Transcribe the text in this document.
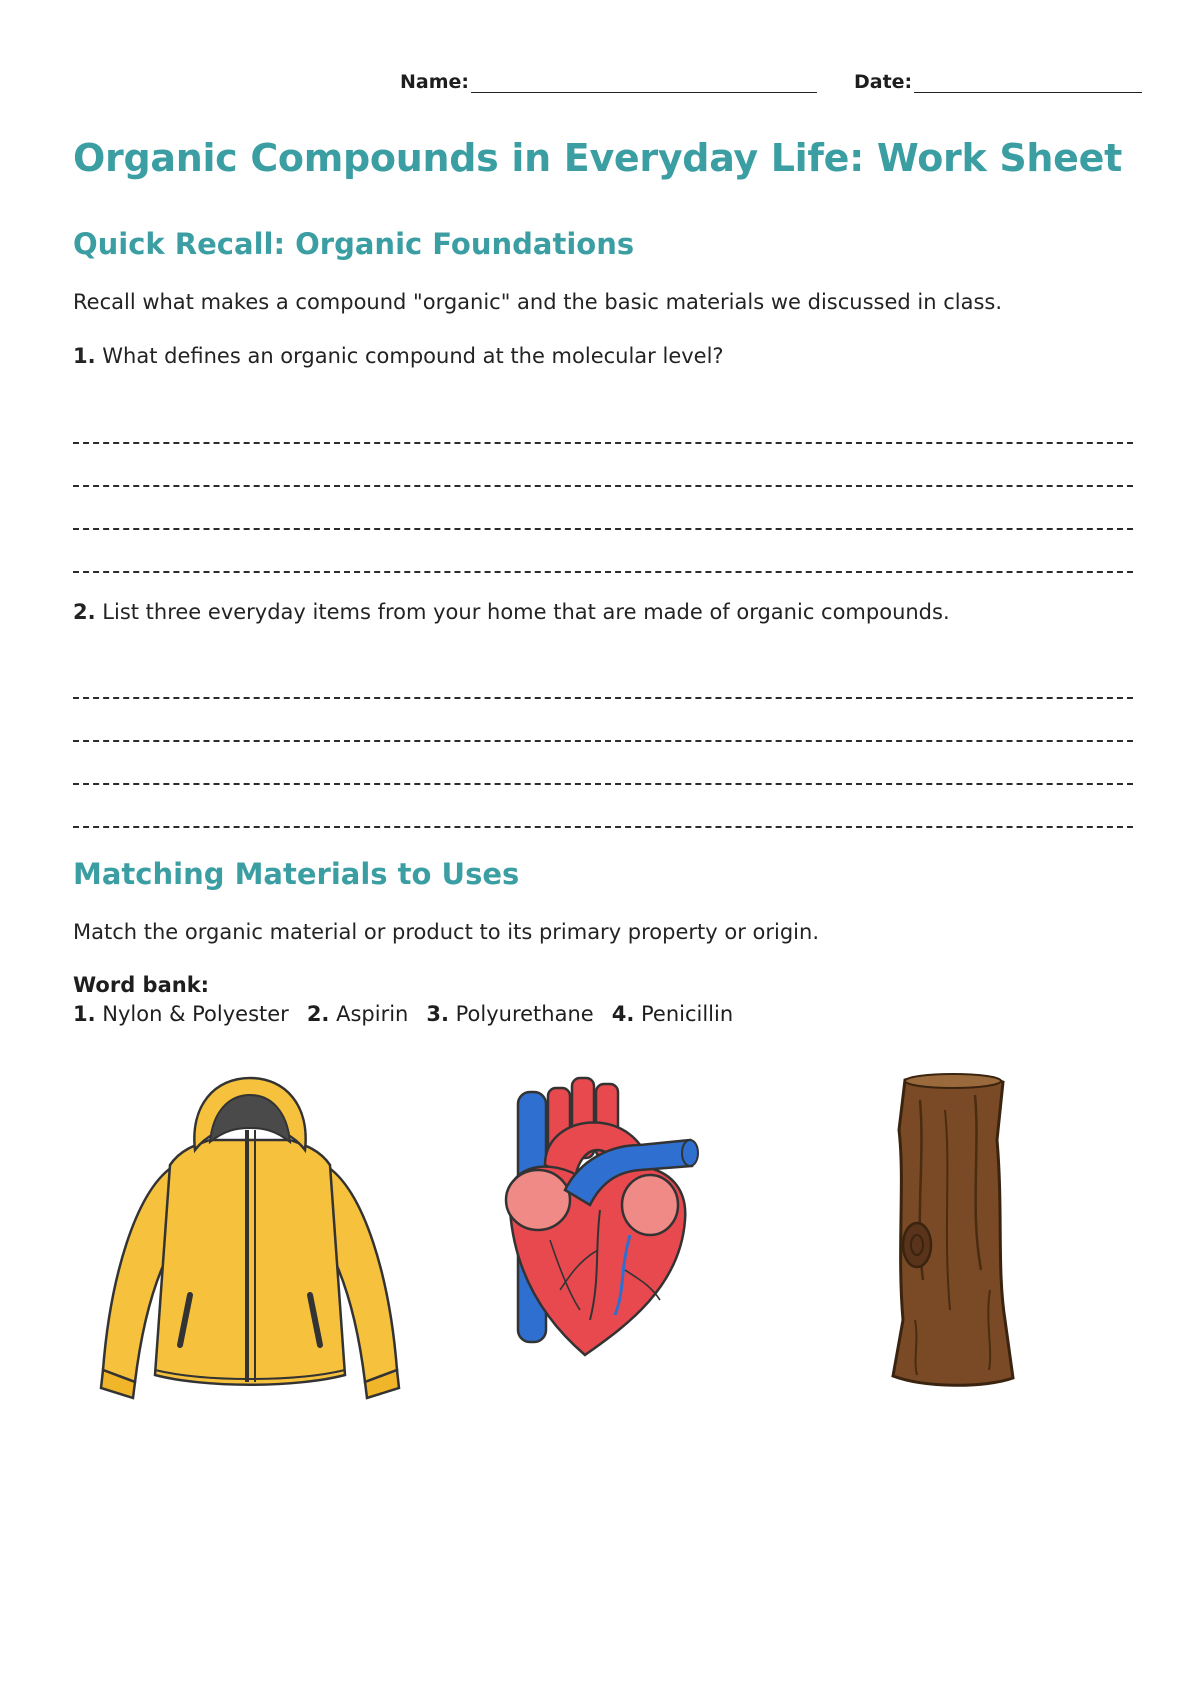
Name:	Date:
Organic Compounds in Everyday Life: Work Sheet
Quick Recall: Organic Foundations

Recall what makes a compound "organic" and the basic materials we discussed in class.

1. What defines an organic compound at the molecular level?

2. List three everyday items from your home that are made of organic compounds.

Matching Materials to Uses

Match the organic material or product to its primary property or origin.

Word bank:

1. Nylon & Polyester 2. Aspirin 3. Polyurethane 4. Penicillin
